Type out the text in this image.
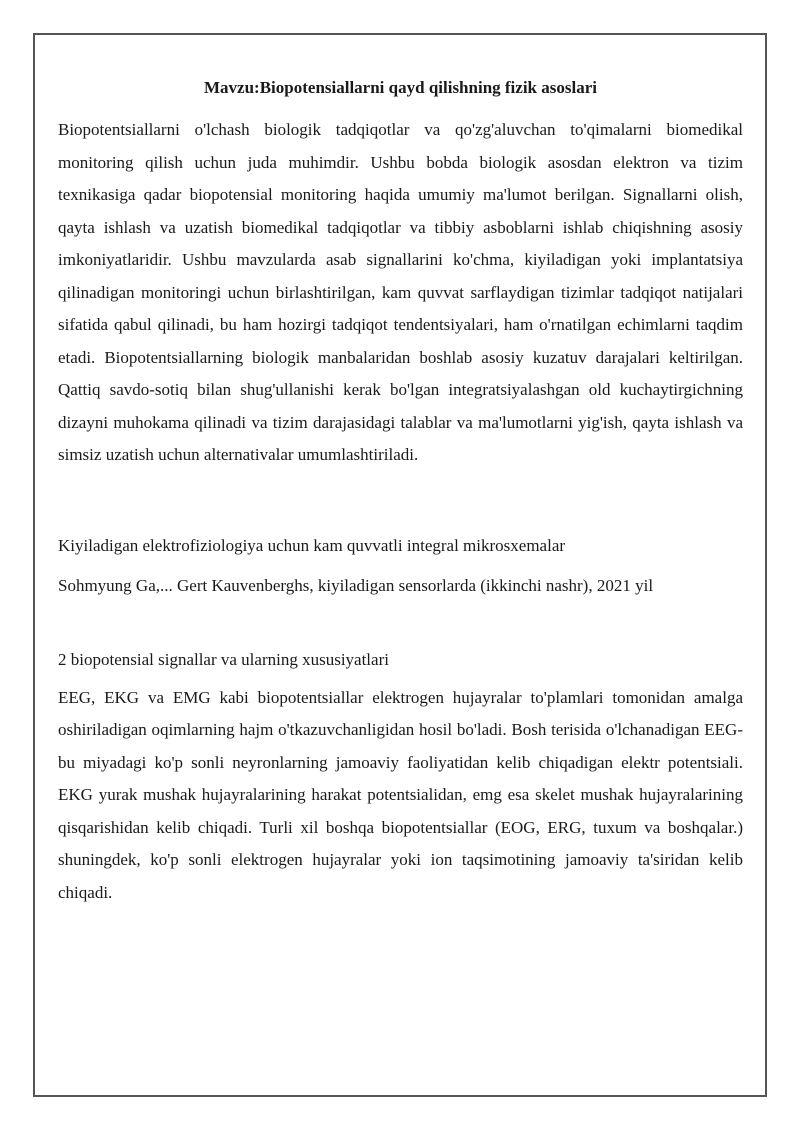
Mavzu:Biopotensiallarni qayd qilishning fizik asoslari

Biopotentsiallarni o'lchash biologik tadqiqotlar va qo'zg'aluvchan to'qimalarni biomedikal monitoring qilish uchun juda muhimdir. Ushbu bobda biologik asosdan elektron va tizim texnikasiga qadar biopotensial monitoring haqida umumiy ma'lumot berilgan. Signallarni olish, qayta ishlash va uzatish biomedikal tadqiqotlar va tibbiy asboblarni ishlab chiqishning asosiy imkoniyatlaridir. Ushbu mavzularda asab signallarini ko'chma, kiyiladigan yoki implantatsiya qilinadigan monitoringi uchun birlashtirilgan, kam quvvat sarflaydigan tizimlar tadqiqot natijalari sifatida qabul qilinadi, bu ham hozirgi tadqiqot tendentsiyalari, ham o'rnatilgan echimlarni taqdim etadi. Biopotentsiallarning biologik manbalaridan boshlab asosiy kuzatuv darajalari keltirilgan. Qattiq savdo-sotiq bilan shug'ullanishi kerak bo'lgan integratsiyalashgan old kuchaytirgichning dizayni muhokama qilinadi va tizim darajasidagi talablar va ma'lumotlarni yig'ish, qayta ishlash va simsiz uzatish uchun alternativalar umumlashtiriladi.

Kiyiladigan elektrofiziologiya uchun kam quvvatli integral mikrosxemalar

Sohmyung Ga,... Gert Kauvenberghs, kiyiladigan sensorlarda (ikkinchi nashr), 2021 yil

2 biopotensial signallar va ularning xususiyatlari

EEG, EKG va EMG kabi biopotentsiallar elektrogen hujayralar to'plamlari tomonidan amalga oshiriladigan oqimlarning hajm o'tkazuvchanligidan hosil bo'ladi. Bosh terisida o'lchanadigan EEG-bu miyadagi ko'p sonli neyronlarning jamoaviy faoliyatidan kelib chiqadigan elektr potentsiali. EKG yurak mushak hujayralarining harakat potentsialidan, emg esa skelet mushak hujayralarining qisqarishidan kelib chiqadi. Turli xil boshqa biopotentsiallar (EOG, ERG, tuxum va boshqalar.) shuningdek, ko'p sonli elektrogen hujayralar yoki ion taqsimotining jamoaviy ta'siridan kelib chiqadi.
